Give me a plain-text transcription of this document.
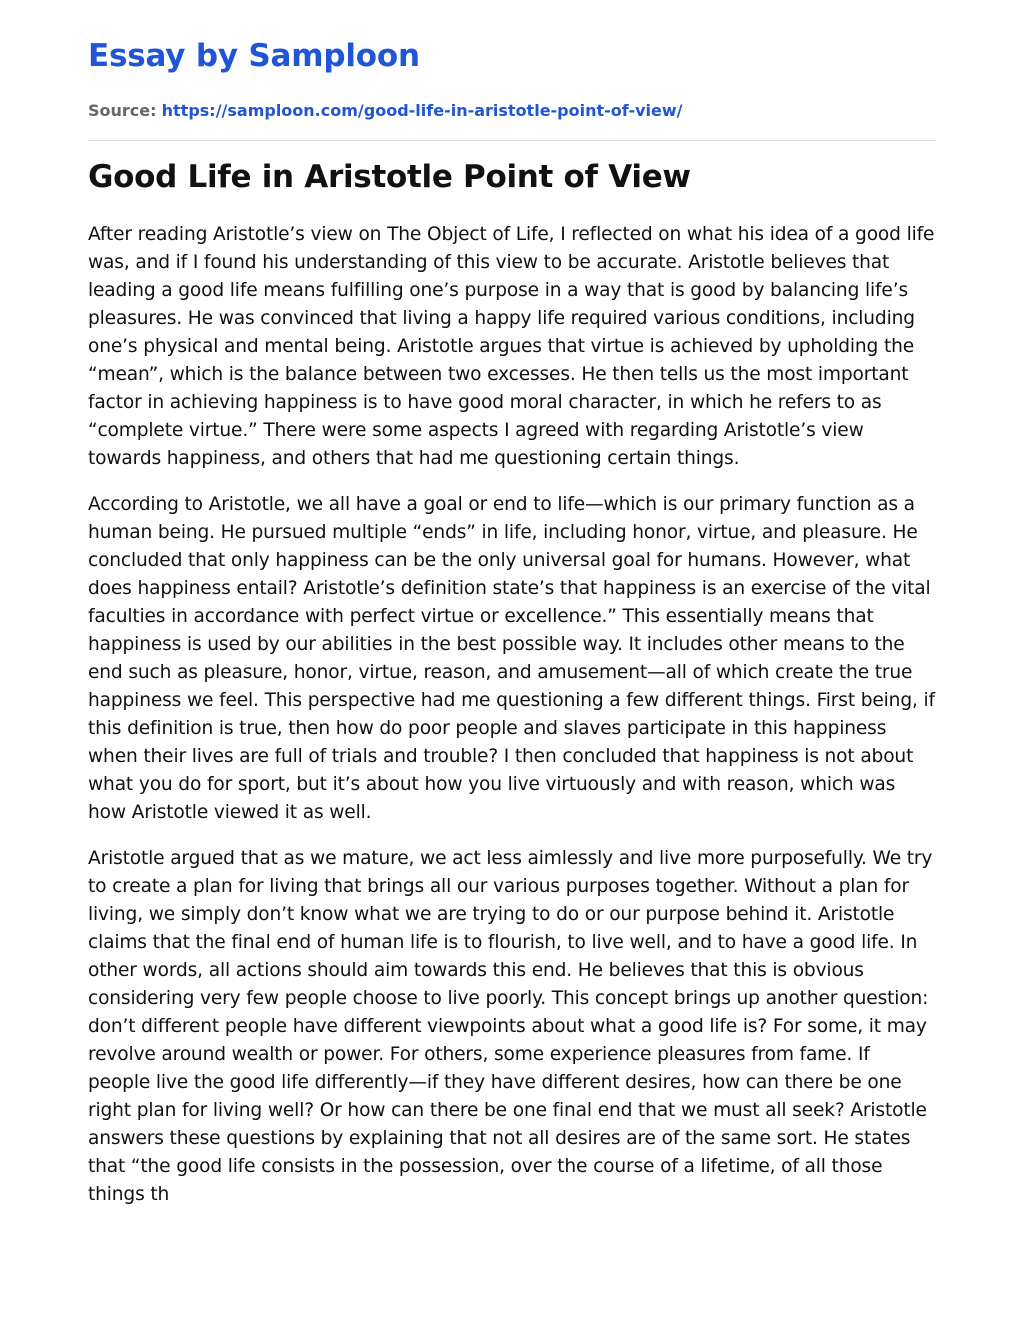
Essay by Samploon
Source: https://samploon.com/good-life-in-aristotle-point-of-view/
Good Life in Aristotle Point of View

After reading Aristotle’s view on The Object of Life, I reflected on what his idea of a good life was, and if I found his understanding of this view to be accurate. Aristotle believes that leading a good life means fulfilling one’s purpose in a way that is good by balancing life’s pleasures. He was convinced that living a happy life required various conditions, including one’s physical and mental being. Aristotle argues that virtue is achieved by upholding the “mean”, which is the balance between two excesses. He then tells us the most important factor in achieving happiness is to have good moral character, in which he refers to as “complete virtue.” There were some aspects I agreed with regarding Aristotle’s view towards happiness, and others that had me questioning certain things.

According to Aristotle, we all have a goal or end to life—which is our primary function as a human being. He pursued multiple “ends” in life, including honor, virtue, and pleasure. He concluded that only happiness can be the only universal goal for humans. However, what does happiness entail? Aristotle’s definition state’s that happiness is an exercise of the vital faculties in accordance with perfect virtue or excellence.” This essentially means that happiness is used by our abilities in the best possible way. It includes other means to the end such as pleasure, honor, virtue, reason, and amusement—all of which create the true happiness we feel. This perspective had me questioning a few different things. First being, if this definition is true, then how do poor people and slaves participate in this happiness when their lives are full of trials and trouble? I then concluded that happiness is not about what you do for sport, but it’s about how you live virtuously and with reason, which was how Aristotle viewed it as well.

Aristotle argued that as we mature, we act less aimlessly and live more purposefully. We try to create a plan for living that brings all our various purposes together. Without a plan for living, we simply don’t know what we are trying to do or our purpose behind it. Aristotle claims that the final end of human life is to flourish, to live well, and to have a good life. In other words, all actions should aim towards this end. He believes that this is obvious considering very few people choose to live poorly. This concept brings up another question: don’t different people have different viewpoints about what a good life is? For some, it may revolve around wealth or power. For others, some experience pleasures from fame. If people live the good life differently—if they have different desires, how can there be one right plan for living well? Or how can there be one final end that we must all seek? Aristotle answers these questions by explaining that not all desires are of the same sort. He states that “the good life consists in the possession, over the course of a lifetime, of all those things th
